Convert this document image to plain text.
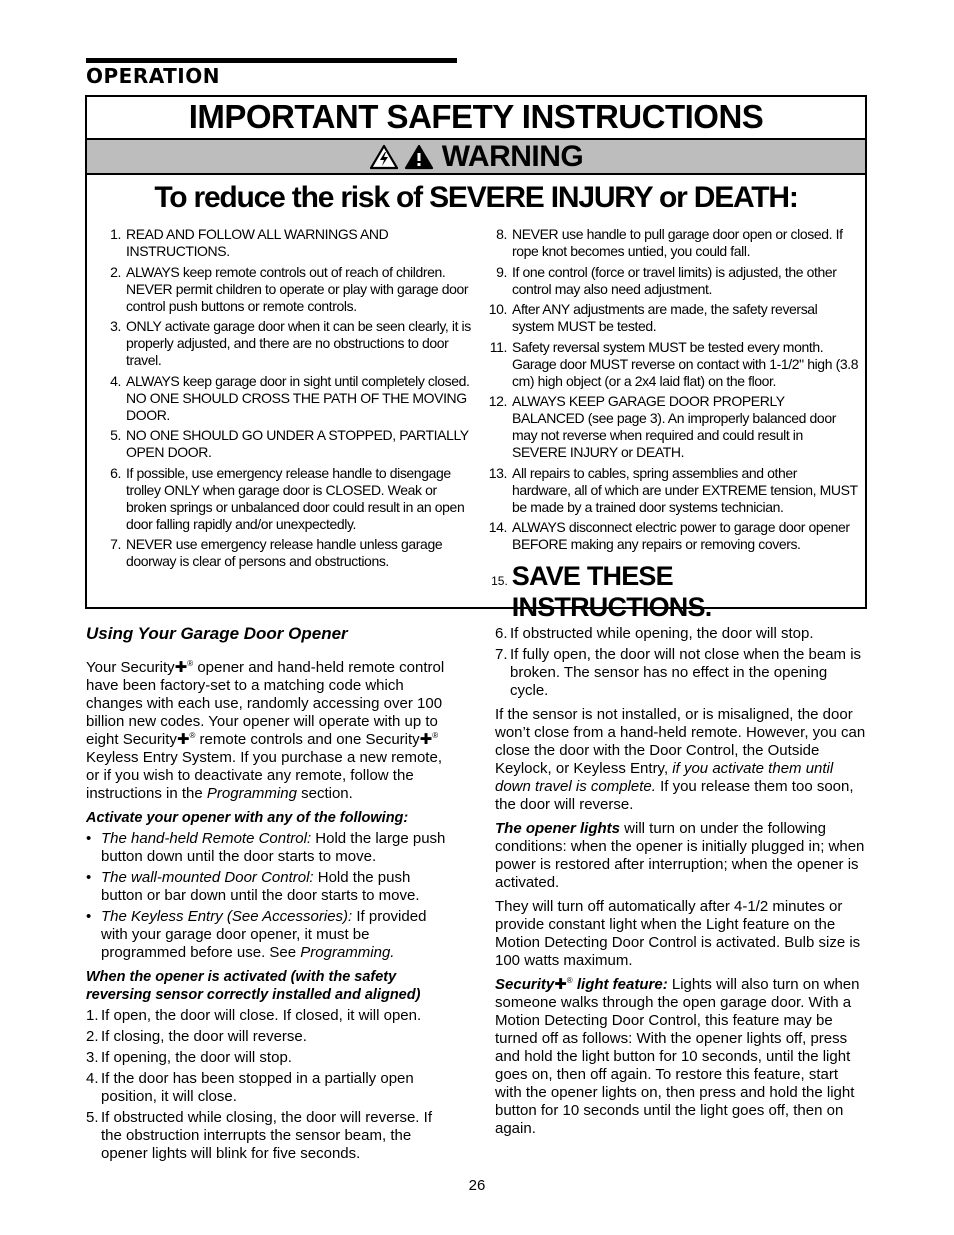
OPERATION
IMPORTANT SAFETY INSTRUCTIONS
WARNING
To reduce the risk of SEVERE INJURY or DEATH:
1. READ AND FOLLOW ALL WARNINGS AND INSTRUCTIONS.
2. ALWAYS keep remote controls out of reach of children. NEVER permit children to operate or play with garage door control push buttons or remote controls.
3. ONLY activate garage door when it can be seen clearly, it is properly adjusted, and there are no obstructions to door travel.
4. ALWAYS keep garage door in sight until completely closed. NO ONE SHOULD CROSS THE PATH OF THE MOVING DOOR.
5. NO ONE SHOULD GO UNDER A STOPPED, PARTIALLY OPEN DOOR.
6. If possible, use emergency release handle to disengage trolley ONLY when garage door is CLOSED. Weak or broken springs or unbalanced door could result in an open door falling rapidly and/or unexpectedly.
7. NEVER use emergency release handle unless garage doorway is clear of persons and obstructions.
8. NEVER use handle to pull garage door open or closed. If rope knot becomes untied, you could fall.
9. If one control (force or travel limits) is adjusted, the other control may also need adjustment.
10. After ANY adjustments are made, the safety reversal system MUST be tested.
11. Safety reversal system MUST be tested every month. Garage door MUST reverse on contact with 1-1/2" high (3.8 cm) high object (or a 2x4 laid flat) on the floor.
12. ALWAYS KEEP GARAGE DOOR PROPERLY BALANCED (see page 3). An improperly balanced door may not reverse when required and could result in SEVERE INJURY or DEATH.
13. All repairs to cables, spring assemblies and other hardware, all of which are under EXTREME tension, MUST be made by a trained door systems technician.
14. ALWAYS disconnect electric power to garage door opener BEFORE making any repairs or removing covers.
15. SAVE THESE INSTRUCTIONS.
Using Your Garage Door Opener

Your Security✚® opener and hand-held remote control have been factory-set to a matching code which changes with each use, randomly accessing over 100 billion new codes. Your opener will operate with up to eight Security✚® remote controls and one Security✚® Keyless Entry System. If you purchase a new remote, or if you wish to deactivate any remote, follow the instructions in the Programming section.

Activate your opener with any of the following:

• The hand-held Remote Control: Hold the large push button down until the door starts to move.
• The wall-mounted Door Control: Hold the push button or bar down until the door starts to move.
• The Keyless Entry (See Accessories): If provided with your garage door opener, it must be programmed before use. See Programming.

When the opener is activated (with the safety reversing sensor correctly installed and aligned)

1. If open, the door will close. If closed, it will open.
2. If closing, the door will reverse.
3. If opening, the door will stop.
4. If the door has been stopped in a partially open position, it will close.
5. If obstructed while closing, the door will reverse. If the obstruction interrupts the sensor beam, the opener lights will blink for five seconds.
6. If obstructed while opening, the door will stop.
7. If fully open, the door will not close when the beam is broken. The sensor has no effect in the opening cycle.

If the sensor is not installed, or is misaligned, the door won’t close from a hand-held remote. However, you can close the door with the Door Control, the Outside Keylock, or Keyless Entry, if you activate them until down travel is complete. If you release them too soon, the door will reverse.

The opener lights will turn on under the following conditions: when the opener is initially plugged in; when power is restored after interruption; when the opener is activated.

They will turn off automatically after 4-1/2 minutes or provide constant light when the Light feature on the Motion Detecting Door Control is activated. Bulb size is 100 watts maximum.

Security✚® light feature: Lights will also turn on when someone walks through the open garage door. With a Motion Detecting Door Control, this feature may be turned off as follows: With the opener lights off, press and hold the light button for 10 seconds, until the light goes on, then off again. To restore this feature, start with the opener lights on, then press and hold the light button for 10 seconds until the light goes off, then on again.

26
